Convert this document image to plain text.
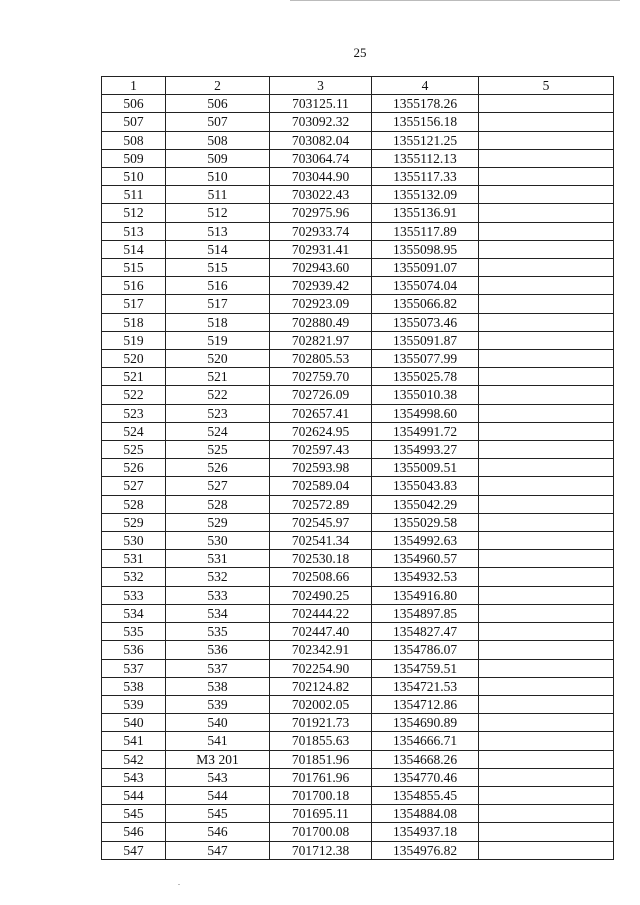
25
1	2	3	4	5
506	506	703125.11	1355178.26	
507	507	703092.32	1355156.18	
508	508	703082.04	1355121.25	
509	509	703064.74	1355112.13	
510	510	703044.90	1355117.33	
511	511	703022.43	1355132.09	
512	512	702975.96	1355136.91	
513	513	702933.74	1355117.89	
514	514	702931.41	1355098.95	
515	515	702943.60	1355091.07	
516	516	702939.42	1355074.04	
517	517	702923.09	1355066.82	
518	518	702880.49	1355073.46	
519	519	702821.97	1355091.87	
520	520	702805.53	1355077.99	
521	521	702759.70	1355025.78	
522	522	702726.09	1355010.38	
523	523	702657.41	1354998.60	
524	524	702624.95	1354991.72	
525	525	702597.43	1354993.27	
526	526	702593.98	1355009.51	
527	527	702589.04	1355043.83	
528	528	702572.89	1355042.29	
529	529	702545.97	1355029.58	
530	530	702541.34	1354992.63	
531	531	702530.18	1354960.57	
532	532	702508.66	1354932.53	
533	533	702490.25	1354916.80	
534	534	702444.22	1354897.85	
535	535	702447.40	1354827.47	
536	536	702342.91	1354786.07	
537	537	702254.90	1354759.51	
538	538	702124.82	1354721.53	
539	539	702002.05	1354712.86	
540	540	701921.73	1354690.89	
541	541	701855.63	1354666.71	
542	МЗ 201	701851.96	1354668.26	
543	543	701761.96	1354770.46	
544	544	701700.18	1354855.45	
545	545	701695.11	1354884.08	
546	546	701700.08	1354937.18	
547	547	701712.38	1354976.82	
